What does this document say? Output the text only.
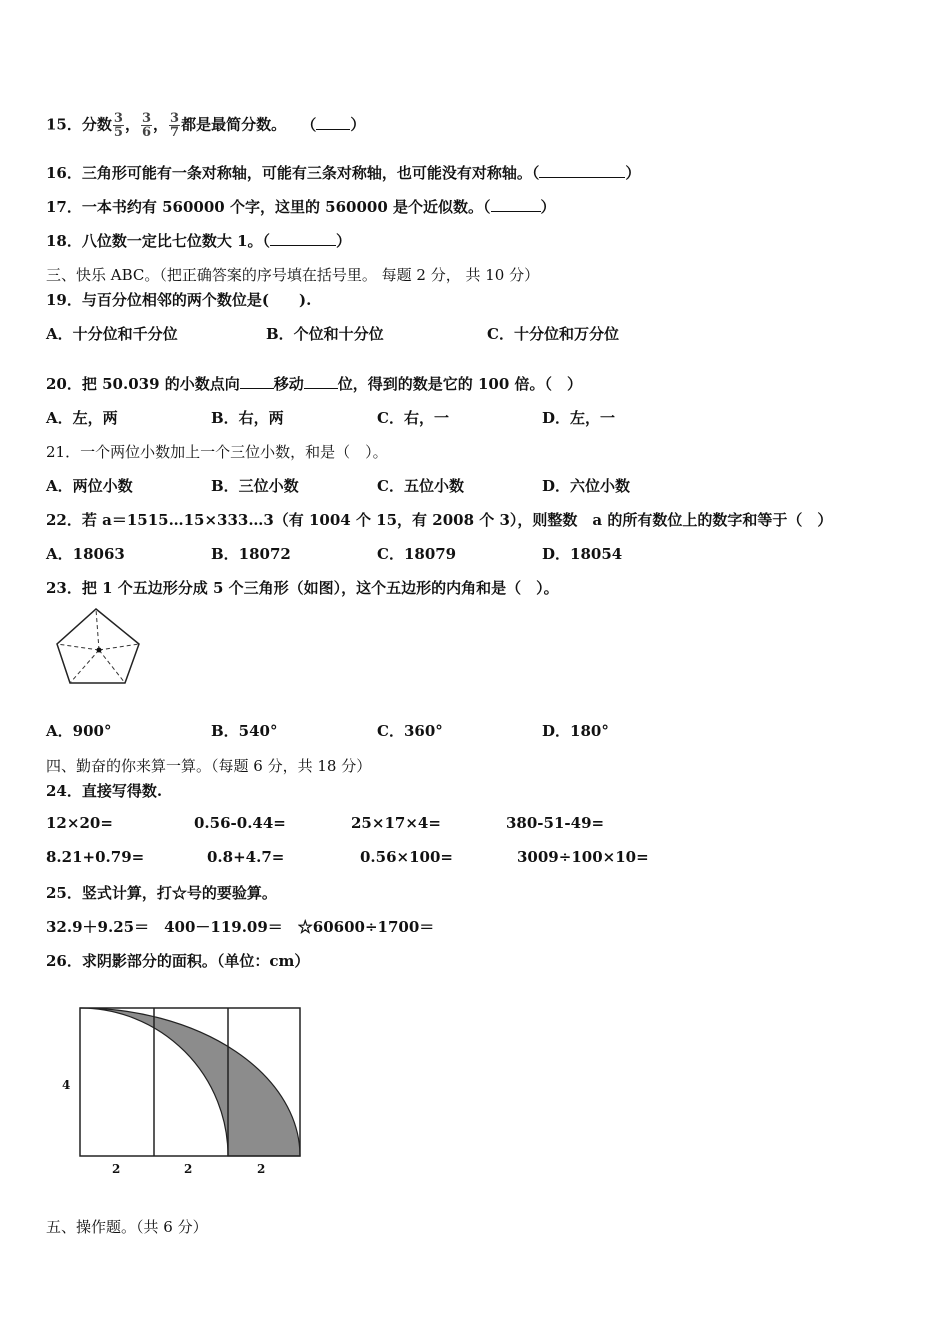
15．分数 $\frac{3}{5}$ ， $\frac{3}{6}$ ， $\frac{3}{7}$ 都是最简分数。 （ ）
16．三角形可能有一条对称轴，可能有三条对称轴，也可能没有对称轴。（	）
17．一本书约有 560000 个字，这里的 560000 是个近似数。（	）
18．八位数一定比七位数大 1。（	）
三、快乐 ABC。（把正确答案的序号填在括号里。 每题 2 分， 共 10 分）
19．与百分位相邻的两个数位是(　　).
A．十分位和千分位	B．个位和十分位	C．十分位和万分位
20．把 50.039 的小数点向 移动 位，得到的数是它的 100 倍。（　）
A．左，两	B．右，两	C．右，一	D．左，一
21．一个两位小数加上一个三位小数，和是（　）。
A．两位小数	B．三位小数	C．五位小数	D．六位小数
22．若 a＝1515…15×333…3（有 1004 个 15，有 2008 个 3），则整数　a 的所有数位上的数字和等于（　）
A．18063	B．18072	C．18079	D．18054
23．把 1 个五边形分成 5 个三角形（如图），这个五边形的内角和是（　）。
A．900°	B．540°	C．360°	D．180°
四、勤奋的你来算一算。（每题 6 分，共 18 分）
24．直接写得数.
12×20=	0.56-0.44=	25×17×4=	380-51-49=
8.21+0.79=	0.8+4.7=	0.56×100=	3009÷100×10=
25．竖式计算，打☆号的要验算。
32.9＋9.25＝　400－119.09＝　☆60600÷1700＝
26．求阴影部分的面积。（单位：cm）
4
2	2	2
五、操作题。（共 6 分）
